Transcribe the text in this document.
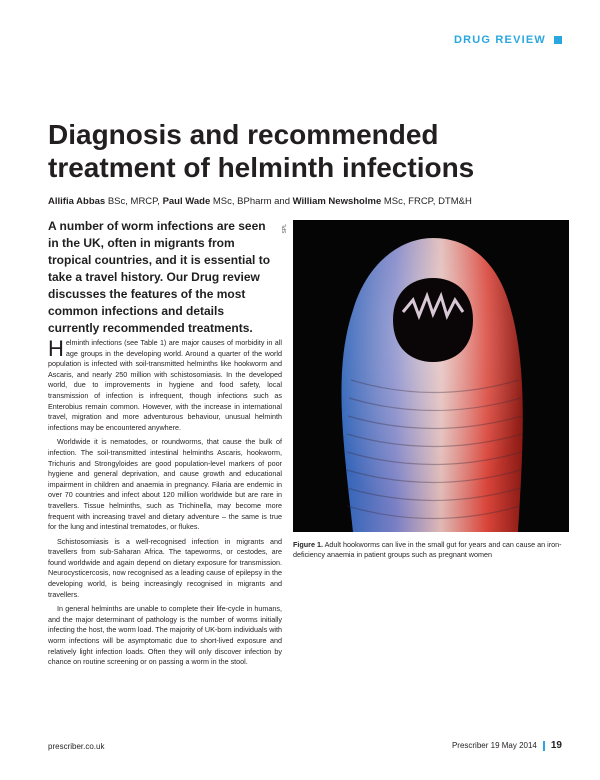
DRUG REVIEW
Diagnosis and recommended treatment of helminth infections
Allifia Abbas BSc, MRCP, Paul Wade MSc, BPharm and William Newsholme MSc, FRCP, DTM&H
A number of worm infections are seen in the UK, often in migrants from tropical countries, and it is essential to take a travel history. Our Drug review discusses the features of the most common infections and details currently recommended treatments.

Helminth infections (see Table 1) are major causes of morbidity in all age groups in the developing world. Around a quarter of the world population is infected with soil-transmitted helminths like hookworm and Ascaris, and nearly 250 million with schistosomiasis. In the developed world, due to improvements in hygiene and food safety, local transmission of infection is infrequent, though infections such as Enterobius remain common. However, with the increase in international travel, migration and more adventurous behaviour, unusual helminth infections may be encountered anywhere.

Worldwide it is nematodes, or roundworms, that cause the bulk of infection. The soil-transmitted intestinal helminths Ascaris, hookworm, Trichuris and Strongyloides are good population-level markers of poor hygiene and general deprivation, and cause growth and educational impairment in children and anaemia in pregnancy. Filaria are endemic in over 70 countries and infect about 120 million worldwide but are rare in travellers. Tissue helminths, such as Trichinella, may become more frequent with increasing travel and dietary adventure – the same is true for the lung and intestinal trematodes, or flukes.

Schistosomiasis is a well-recognised infection in migrants and travellers from sub-Saharan Africa. The tapeworms, or cestodes, are found worldwide and again depend on dietary exposure for transmission. Neurocysticercosis, now recognised as a leading cause of epilepsy in the developing world, is being increasingly recognised in migrants and travellers.

In general helminths are unable to complete their life-cycle in humans, and the major determinant of pathology is the number of worms initially infecting the host, the worm load. The majority of UK-born individuals with worm infections will be asymptomatic due to short-lived exposure and relatively light infection loads. Often they will only discover infection by chance on routine screening or on passing a worm in the stool.

SPL
Figure 1. Adult hookworms can live in the small gut for years and can cause an iron-deficiency anaemia in patient groups such as pregnant women
prescriber.co.uk	Prescriber 19 May 2014 19
